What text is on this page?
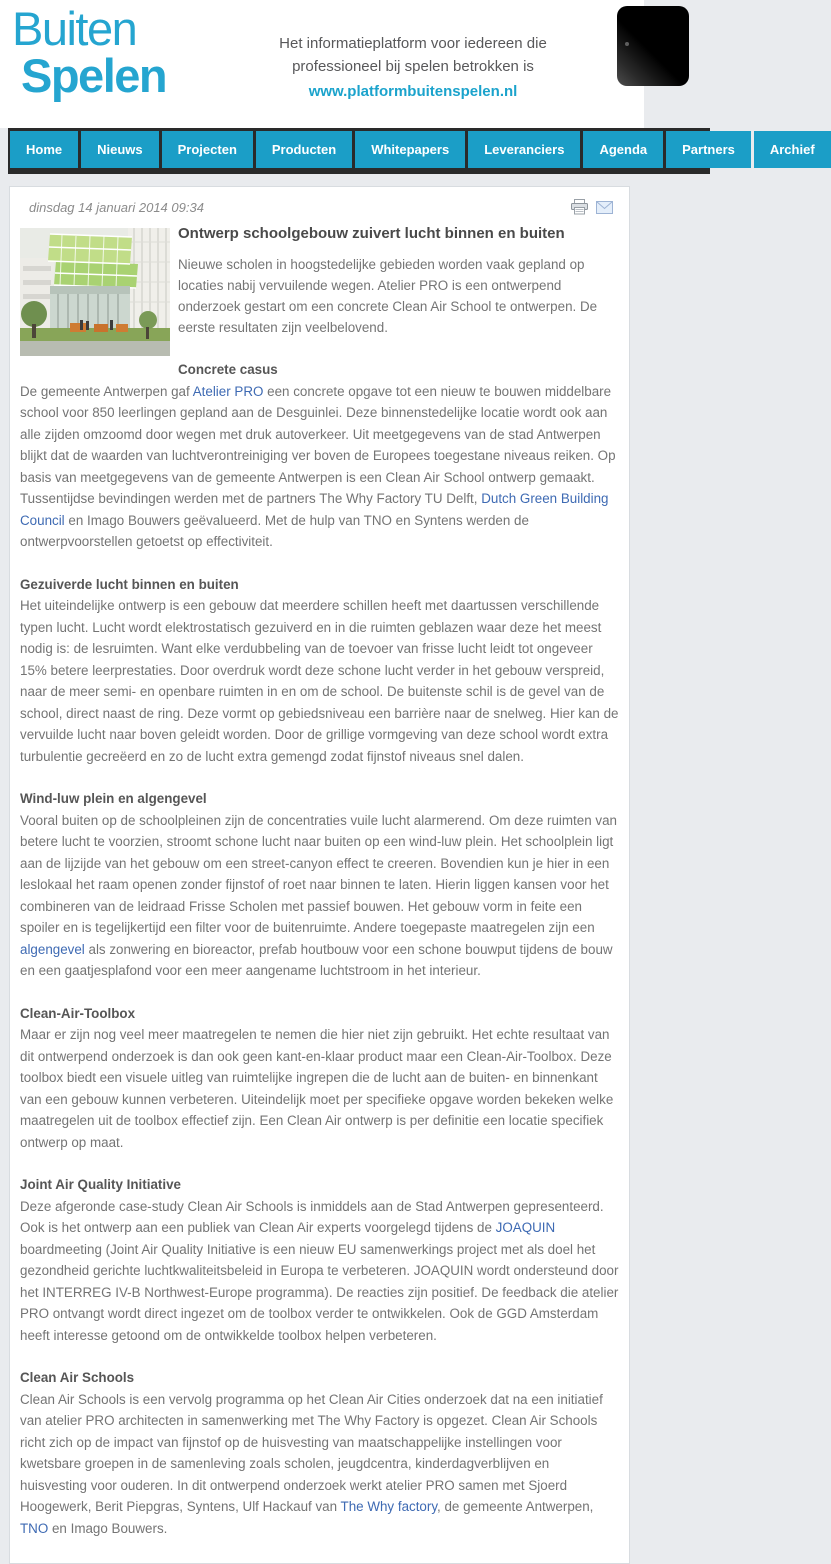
Buiten
Spelen
Het informatieplatform voor iedereen die
professioneel bij spelen betrokken is
www.platformbuitenspelen.nl
Home	Nieuws	Projecten	Producten	Whitepapers	Leveranciers	Agenda	Partners	Archief
dinsdag 14 januari 2014 09:34
Ontwerp schoolgebouw zuivert lucht binnen en buiten

Nieuwe scholen in hoogstedelijke gebieden worden vaak gepland op locaties nabij vervuilende wegen. Atelier PRO is een ontwerpend onderzoek gestart om een concrete Clean Air School te ontwerpen. De eerste resultaten zijn veelbelovend.

Concrete casus

De gemeente Antwerpen gaf Atelier PRO een concrete opgave tot een nieuw te bouwen middelbare school voor 850 leerlingen gepland aan de Desguinlei. Deze binnenstedelijke locatie wordt ook aan alle zijden omzoomd door wegen met druk autoverkeer. Uit meetgegevens van de stad Antwerpen blijkt dat de waarden van luchtverontreiniging ver boven de Europees toegestane niveaus reiken. Op basis van meetgegevens van de gemeente Antwerpen is een Clean Air School ontwerp gemaakt. Tussentijdse bevindingen werden met de partners The Why Factory TU Delft, Dutch Green Building Council en Imago Bouwers geëvalueerd. Met de hulp van TNO en Syntens werden de ontwerpvoorstellen getoetst op effectiviteit.

Gezuiverde lucht binnen en buiten

Het uiteindelijke ontwerp is een gebouw dat meerdere schillen heeft met daartussen verschillende typen lucht. Lucht wordt elektrostatisch gezuiverd en in die ruimten geblazen waar deze het meest nodig is: de lesruimten. Want elke verdubbeling van de toevoer van frisse lucht leidt tot ongeveer 15% betere leerprestaties. Door overdruk wordt deze schone lucht verder in het gebouw verspreid, naar de meer semi- en openbare ruimten in en om de school. De buitenste schil is de gevel van de school, direct naast de ring. Deze vormt op gebiedsniveau een barrière naar de snelweg. Hier kan de vervuilde lucht naar boven geleidt worden. Door de grillige vormgeving van deze school wordt extra turbulentie gecreëerd en zo de lucht extra gemengd zodat fijnstof niveaus snel dalen.

Wind-luw plein en algengevel

Vooral buiten op de schoolpleinen zijn de concentraties vuile lucht alarmerend. Om deze ruimten van betere lucht te voorzien, stroomt schone lucht naar buiten op een wind-luw plein. Het schoolplein ligt aan de lijzijde van het gebouw om een street-canyon effect te creeren. Bovendien kun je hier in een leslokaal het raam openen zonder fijnstof of roet naar binnen te laten. Hierin liggen kansen voor het combineren van de leidraad Frisse Scholen met passief bouwen. Het gebouw vorm in feite een spoiler en is tegelijkertijd een filter voor de buitenruimte. Andere toegepaste maatregelen zijn een algengevel als zonwering en bioreactor, prefab houtbouw voor een schone bouwput tijdens de bouw en een gaatjesplafond voor een meer aangename luchtstroom in het interieur.

Clean-Air-Toolbox

Maar er zijn nog veel meer maatregelen te nemen die hier niet zijn gebruikt. Het echte resultaat van dit ontwerpend onderzoek is dan ook geen kant-en-klaar product maar een Clean-Air-Toolbox. Deze toolbox biedt een visuele uitleg van ruimtelijke ingrepen die de lucht aan de buiten- en binnenkant van een gebouw kunnen verbeteren. Uiteindelijk moet per specifieke opgave worden bekeken welke maatregelen uit de toolbox effectief zijn. Een Clean Air ontwerp is per definitie een locatie specifiek ontwerp op maat.

Joint Air Quality Initiative

Deze afgeronde case-study Clean Air Schools is inmiddels aan de Stad Antwerpen gepresenteerd. Ook is het ontwerp aan een publiek van Clean Air experts voorgelegd tijdens de JOAQUIN boardmeeting (Joint Air Quality Initiative is een nieuw EU samenwerkings project met als doel het gezondheid gerichte luchtkwaliteitsbeleid in Europa te verbeteren. JOAQUIN wordt ondersteund door het INTERREG IV-B Northwest-Europe programma). De reacties zijn positief. De feedback die atelier PRO ontvangt wordt direct ingezet om de toolbox verder te ontwikkelen. Ook de GGD Amsterdam heeft interesse getoond om de ontwikkelde toolbox helpen verbeteren.

Clean Air Schools

Clean Air Schools is een vervolg programma op het Clean Air Cities onderzoek dat na een initiatief van atelier PRO architecten in samenwerking met The Why Factory is opgezet. Clean Air Schools richt zich op de impact van fijnstof op de huisvesting van maatschappelijke instellingen voor kwetsbare groepen in de samenleving zoals scholen, jeugdcentra, kinderdagverblijven en huisvesting voor ouderen. In dit ontwerpend onderzoek werkt atelier PRO samen met Sjoerd Hoogewerk, Berit Piepgras, Syntens, Ulf Hackauf van The Why factory, de gemeente Antwerpen, TNO en Imago Bouwers.
